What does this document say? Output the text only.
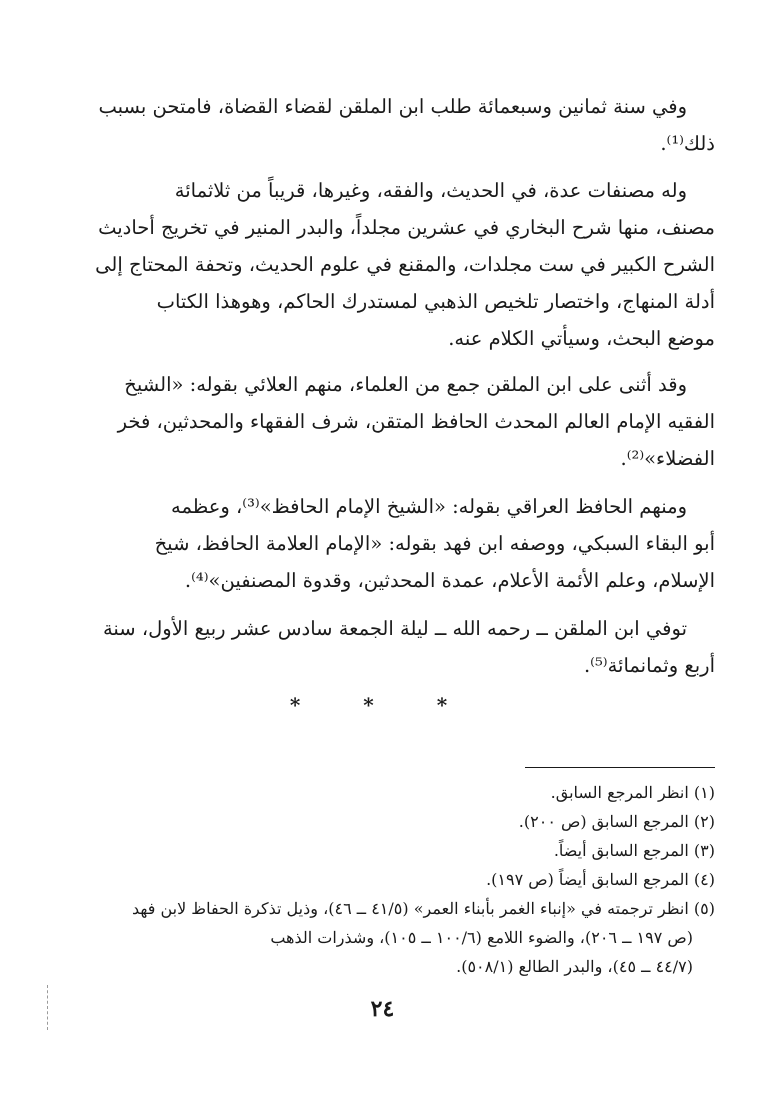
وفي سنة ثمانين وسبعمائة طلب ابن الملقن لقضاء القضاة، فامتحن بسبب
ذلك⁽¹⁾.
وله مصنفات عدة، في الحديث، والفقه، وغيرها، قريباً من ثلاثمائة
مصنف، منها شرح البخاري في عشرين مجلداً، والبدر المنير في تخريج أحاديث
الشرح الكبير في ست مجلدات، والمقنع في علوم الحديث، وتحفة المحتاج إلى
أدلة المنهاج، واختصار تلخيص الذهبي لمستدرك الحاكم، وهوهذا الكتاب
موضع البحث، وسيأتي الكلام عنه.
وقد أثنى على ابن الملقن جمع من العلماء، منهم العلائي بقوله: «الشيخ
الفقيه الإمام العالم المحدث الحافظ المتقن، شرف الفقهاء والمحدثين، فخر
الفضلاء»⁽²⁾.
ومنهم الحافظ العراقي بقوله: «الشيخ الإمام الحافظ»⁽³⁾، وعظمه
أبو البقاء السبكي، ووصفه ابن فهد بقوله: «الإمام العلامة الحافظ، شيخ
الإسلام، وعلم الأئمة الأعلام، عمدة المحدثين، وقدوة المصنفين»⁽⁴⁾.
توفي ابن الملقن ــ رحمه الله ــ ليلة الجمعة سادس عشر ربيع الأول، سنة
أربع وثمانمائة⁽⁵⁾.
* * *
(١) انظر المرجع السابق.
(٢) المرجع السابق (ص ٢٠٠).
(٣) المرجع السابق أيضاً.
(٤) المرجع السابق أيضاً (ص ١٩٧).
(٥) انظر ترجمته في «إنباء الغمر بأبناء العمر» (٤١/٥ ــ ٤٦)، وذيل تذكرة الحفاظ لابن فهد
(ص ١٩٧ ــ ٢٠٦)، والضوء اللامع (١٠٠/٦ ــ ١٠٥)، وشذرات الذهب
(٤٤/٧ ــ ٤٥)، والبدر الطالع (٥٠٨/١).
٢٤
